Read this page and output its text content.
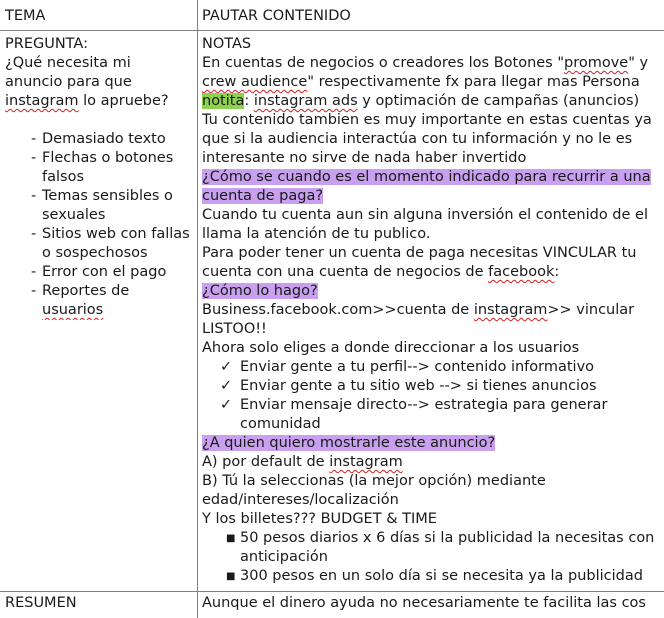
TEMA	PAUTAR CONTENIDO
PREGUNTA:
¿Qué necesita mi
anuncio para que
instagram lo apruebe?
- Demasiado texto
- Flechas o botones
falsos
- Temas sensibles o
sexuales
- Sitios web con fallas
o sospechosos
- Error con el pago
- Reportes de
usuarios
NOTAS
En cuentas de negocios o creadores los Botones "promove" y
crew audience" respectivamente fx para llegar mas Persona
notita: instagram ads y optimación de campañas (anuncios)
Tu contenido tambien es muy importante en estas cuentas ya
que si la audiencia interactúa con tu información y no le es
interesante no sirve de nada haber invertido
¿Cómo se cuando es el momento indicado para recurrir a una
cuenta de paga?
Cuando tu cuenta aun sin alguna inversión el contenido de el
llama la atención de tu publico.
Para poder tener un cuenta de paga necesitas VINCULAR tu
cuenta con una cuenta de negocios de facebook:
¿Cómo lo hago?
Business.facebook.com>>cuenta de instagram>> vincular
LISTOO!!
Ahora solo eliges a donde direccionar a los usuarios
✓ Enviar gente a tu perfil--> contenido informativo
✓ Enviar gente a tu sitio web --> si tienes anuncios
✓ Enviar mensaje directo--> estrategia para generar
comunidad
¿A quien quiero mostrarle este anuncio?
A) por default de instagram
B) Tú la seleccionas (la mejor opción) mediante
edad/intereses/localización
Y los billetes??? BUDGET & TIME
■ 50 pesos diarios x 6 días si la publicidad la necesitas con
anticipación
■ 300 pesos en un solo día si se necesita ya la publicidad
RESUMEN	Aunque el dinero ayuda no necesariamente te facilita las cos
